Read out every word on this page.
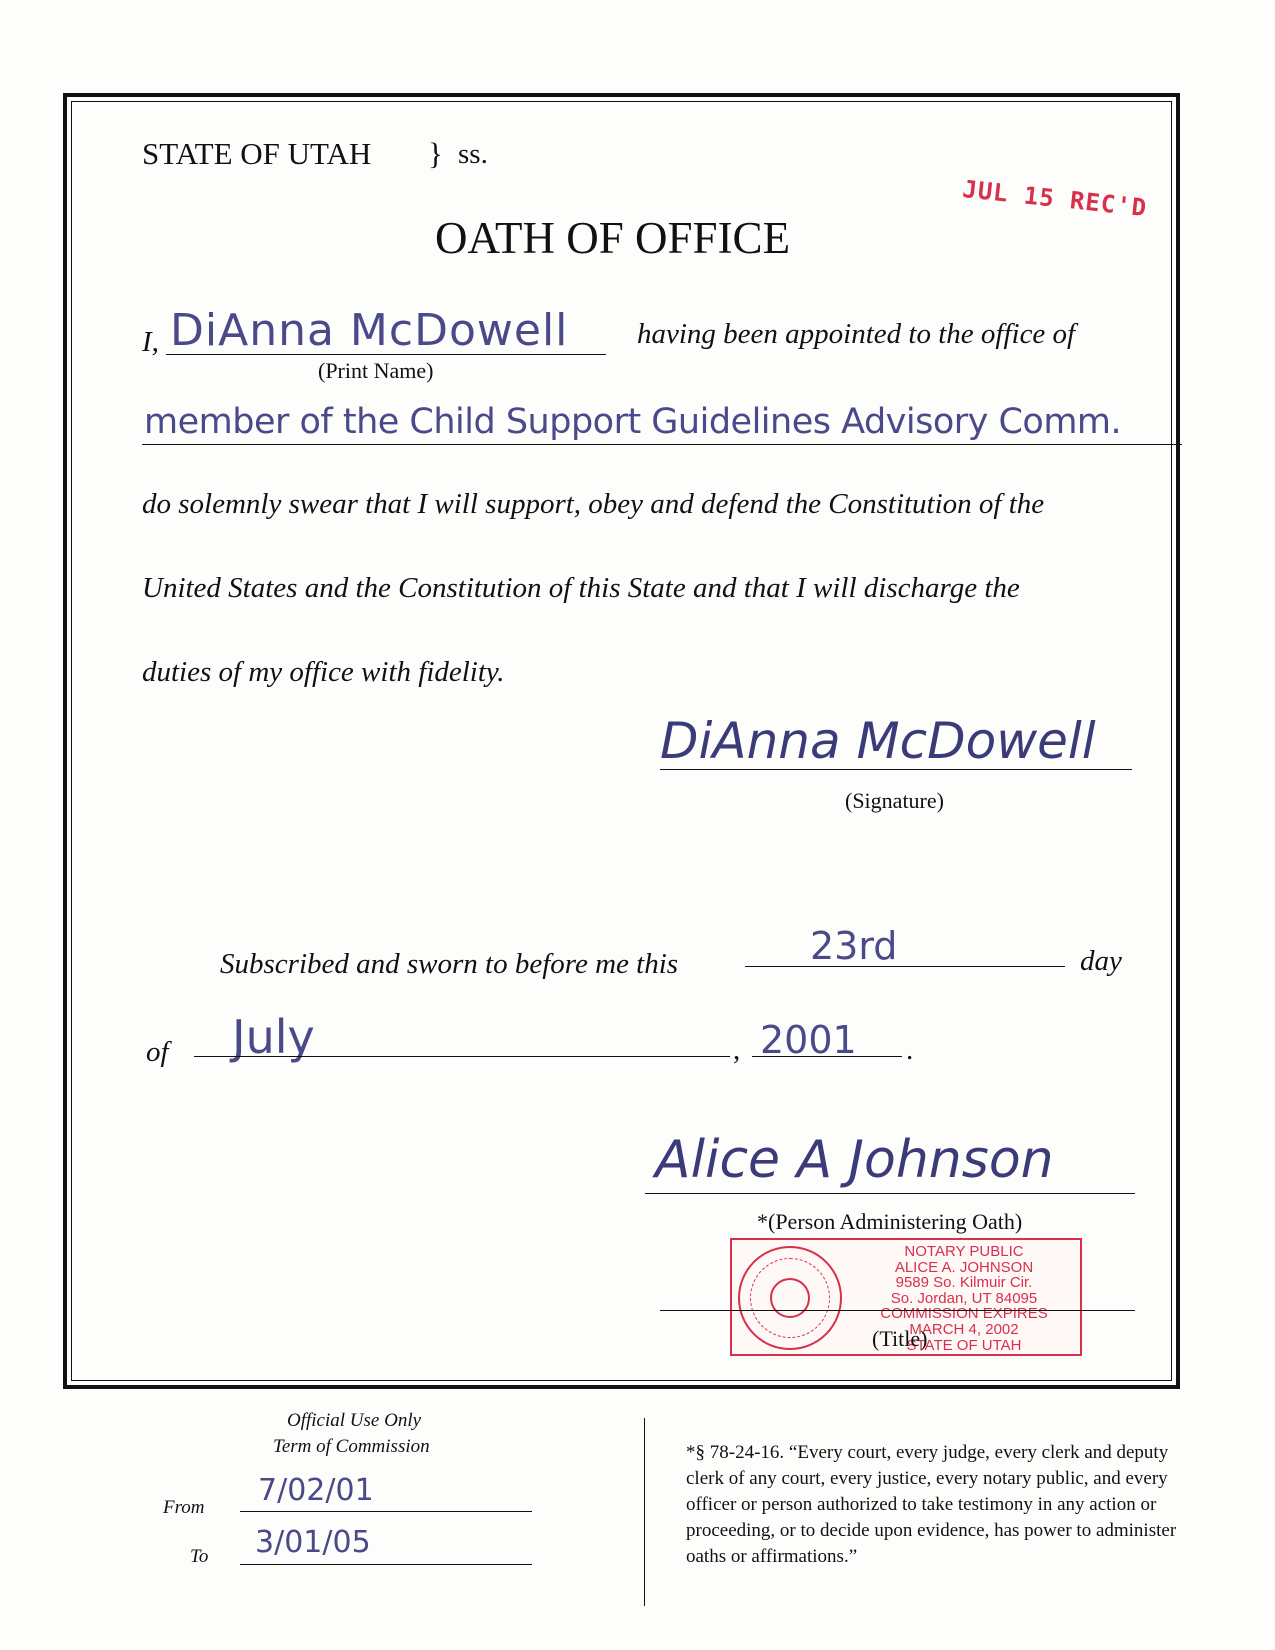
STATE OF UTAH } ss.
JUL 15 REC'D
OATH OF OFFICE
I, DiAnna McDowell
(Print Name)
having been appointed to the office of
member of the Child Support Guidelines Advisory Comm.
do solemnly swear that I will support, obey and defend the Constitution of the
United States and the Constitution of this State and that I will discharge the
duties of my office with fidelity.
DiAnna McDowell
(Signature)
Subscribed and sworn to before me this	23rd	day
of July	, 2001 .
Alice A Johnson
*(Person Administering Oath)
NOTARY PUBLIC
ALICE A. JOHNSON
9589 So. Kilmuir Cir.
So. Jordan, UT 84095
COMMISSION EXPIRES
MARCH 4, 2002
STATE OF UTAH
(Title)
Official Use Only
Term of Commission
From 7/02/01
To 3/01/05
*§ 78-24-16. “Every court, every judge, every clerk and deputy clerk of any court, every justice, every notary public, and every officer or person authorized to take testimony in any action or proceeding, or to decide upon evidence, has power to administer oaths or affirmations.”
